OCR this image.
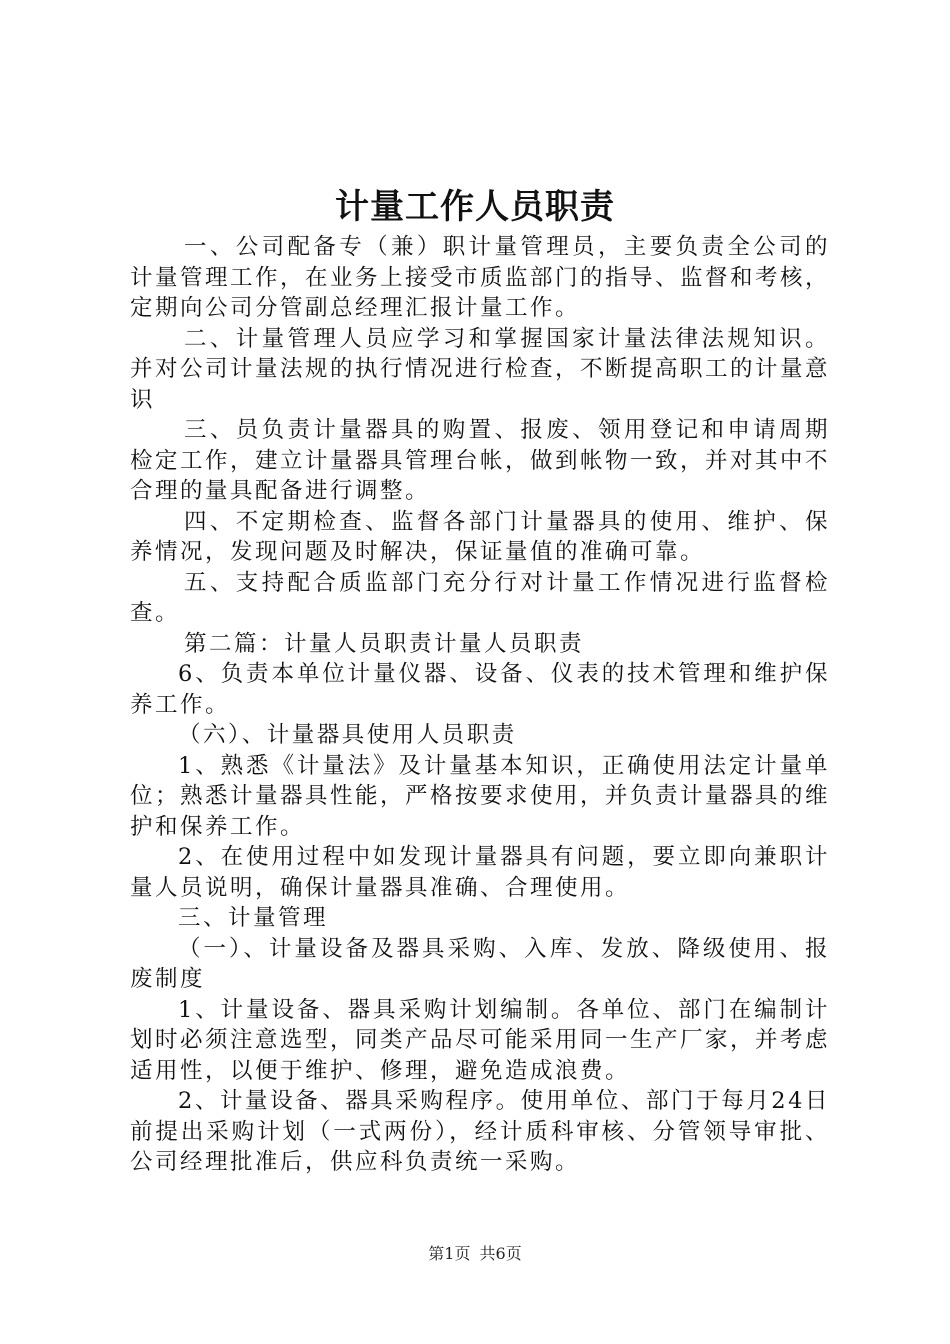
计量工作人员职责

一、公司配备专（兼）职计量管理员，主要负责全公司的计量管理工作，在业务上接受市质监部门的指导、监督和考核，定期向公司分管副总经理汇报计量工作。

二、计量管理人员应学习和掌握国家计量法律法规知识。并对公司计量法规的执行情况进行检查，不断提高职工的计量意识

三、员负责计量器具的购置、报废、领用登记和申请周期检定工作，建立计量器具管理台帐，做到帐物一致，并对其中不合理的量具配备进行调整。

四、不定期检查、监督各部门计量器具的使用、维护、保养情况，发现问题及时解决，保证量值的准确可靠。

五、支持配合质监部门充分行对计量工作情况进行监督检查。

第二篇：计量人员职责计量人员职责

6、负责本单位计量仪器、设备、仪表的技术管理和维护保养工作。

（六）、计量器具使用人员职责

1、熟悉《计量法》及计量基本知识，正确使用法定计量单位；熟悉计量器具性能，严格按要求使用，并负责计量器具的维护和保养工作。

2、在使用过程中如发现计量器具有问题，要立即向兼职计量人员说明，确保计量器具准确、合理使用。

三、计量管理

（一）、计量设备及器具采购、入库、发放、降级使用、报废制度

1、计量设备、器具采购计划编制。各单位、部门在编制计划时必须注意选型，同类产品尽可能采用同一生产厂家，并考虑适用性，以便于维护、修理，避免造成浪费。

2、计量设备、器具采购程序。使用单位、部门于每月24日前提出采购计划（一式两份），经计质科审核、分管领导审批、公司经理批准后，供应科负责统一采购。

第1页 共6页
